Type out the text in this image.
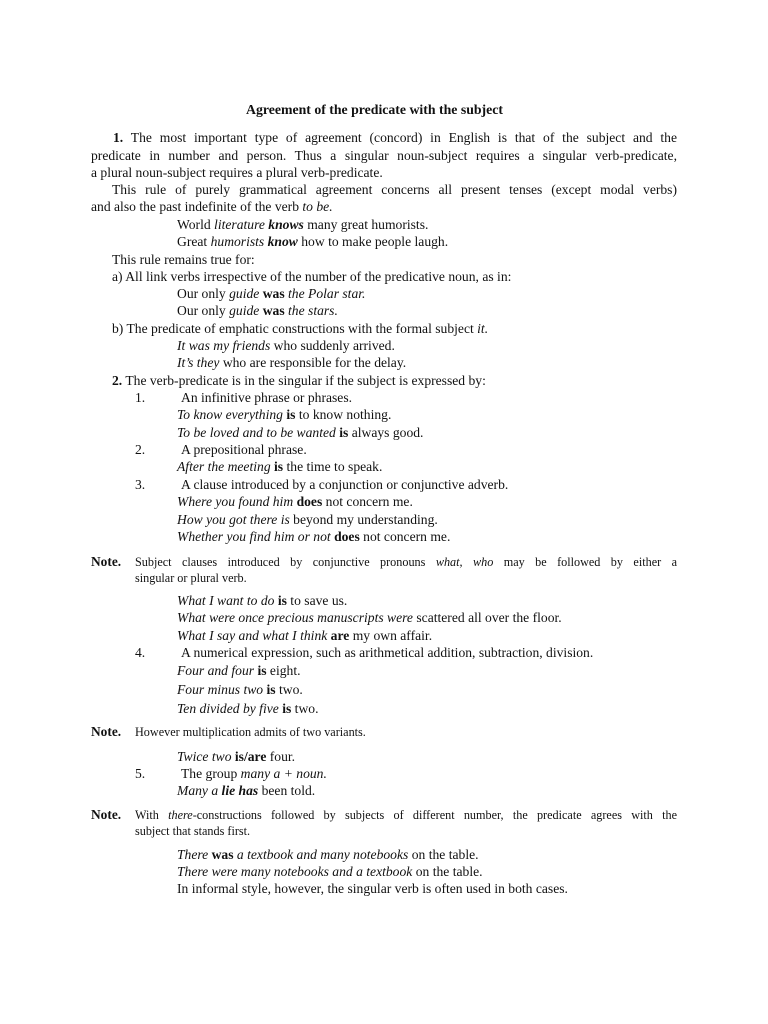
Agreement of the predicate with the subject
1. The most important type of agreement (concord) in English is that of the subject and the
predicate in number and person. Thus a singular noun-subject requires a singular verb-predicate,
a plural noun-subject requires a plural verb-predicate.
This rule of purely grammatical agreement concerns all present tenses (except modal verbs)
and also the past indefinite of the verb to be.
World literature knows many great humorists.
Great humorists know how to make people laugh.
This rule remains true for:
a) All link verbs irrespective of the number of the predicative noun, as in:
Our only guide was the Polar star.
Our only guide was the stars.
b) The predicate of emphatic constructions with the formal subject it.
It was my friends who suddenly arrived.
It’s they who are responsible for the delay.
2. The verb-predicate is in the singular if the subject is expressed by:
1.	An infinitive phrase or phrases.
To know everything is to know nothing.
To be loved and to be wanted is always good.
2.	A prepositional phrase.
After the meeting is the time to speak.
3.	A clause introduced by a conjunction or conjunctive adverb.
Where you found him does not concern me.
How you got there is beyond my understanding.
Whether you find him or not does not concern me.
Note. Subject clauses introduced by conjunctive pronouns what, who may be followed by either a
singular or plural verb.
What I want to do is to save us.
What were once precious manuscripts were scattered all over the floor.
What I say and what I think are my own affair.
4.	A numerical expression, such as arithmetical addition, subtraction, division.
Four and four is eight.
Four minus two is two.
Ten divided by five is two.
Note. However multiplication admits of two variants.
Twice two is/are four.
5.	The group many a + noun.
Many a lie has been told.
Note. With there-constructions followed by subjects of different number, the predicate agrees with the
subject that stands first.
There was a textbook and many notebooks on the table.
There were many notebooks and a textbook on the table.
In informal style, however, the singular verb is often used in both cases.
